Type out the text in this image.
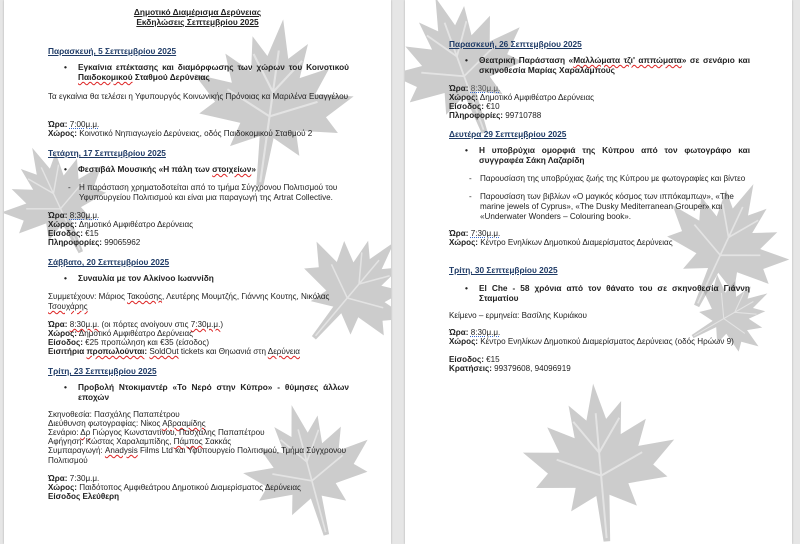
Δημοτικό Διαμέρισμα Δερύνειας
Εκδηλώσεις Σεπτεμβρίου 2025
Παρασκευή, 5 Σεπτεμβρίου 2025
• Εγκαίνια επέκτασης και διαμόρφωσης των χώρων του Κοινοτικού Παιδοκομικού Σταθμού Δερύνειας
Τα εγκαίνια θα τελέσει η Υφυπουργός Κοινωνικής Πρόνοιας κα Μαριλένα Ευαγγέλου
Ώρα: 7:00μ.μ.
Χώρος: Κοινοτικό Νηπιαγωγείο Δερύνειας, οδός Παιδοκομικού Σταθμού 2
Τετάρτη, 17 Σεπτεμβρίου 2025
• Φεστιβάλ Μουσικής «Η πάλη των στοιχείων»
- Η παράσταση χρηματοδοτείται από το τμήμα Σύγχρονου Πολιτισμού του Υφυπουργείου Πολιτισμού και είναι μια παραγωγή της Artrat Collective.
Ώρα: 8:30μ.μ.
Χώρος: Δημοτικό Αμφιθέατρο Δερύνειας
Είσοδος: €15
Πληροφορίες: 99065962
Σάββατο, 20 Σεπτεμβρίου 2025
• Συναυλία με τον Αλκίνοο Ιωαννίδη
Συμμετέχουν: Μάριος Τακούσης, Λευτέρης Μουμτζής, Γιάννης Κουτης, Νικόλας Τσουχάρης
Ώρα: 8:30μ.μ. (οι πόρτες ανοίγουν στις 7:30μ.μ.)
Χώρος: Δημοτικό Αμφιθέατρο Δερύνειας
Είσοδος: €25 προπώληση και €35 (είσοδος)
Εισιτήρια προπωλούνται: SoldOut tickets και Θηωανιά στη Δερύνεια
Τρίτη, 23 Σεπτεμβρίου 2025
• Προβολή Ντοκιμαντέρ «Το Νερό στην Κύπρο» - θύμησες άλλων εποχών
Σκηνοθεσία: Πασχάλης Παπαπέτρου
Διεύθυνση φωτογραφίας: Νίκος Αβρααμίδης
Σενάριο: Δρ Γιώργος Κωνσταντίνου, Πασχάλης Παπαπέτρου
Αφήγηση: Κώστας Χαραλαμπίδης, Πάμπος Σακκάς
Συμπαραγωγή: Anadysis Films Ltd και Υφυπουργείο Πολιτισμού, Τμήμα Σύγχρονου Πολιτισμού
Ώρα: 7:30μ.μ.
Χώρος: Παιδότοπος Αμφιθεάτρου Δημοτικού Διαμερίσματος Δερύνειας
Είσοδος Ελεύθερη
Παρασκευή, 26 Σεπτεμβρίου 2025
• Θεατρική Παράσταση «Μαλλώματα τζι' αππώματα» σε σενάριο και σκηνοθεσία Μαρίας Χαραλάμπους
Ώρα: 8:30μ.μ.
Χώρος: Δημοτικό Αμφιθέατρο Δερύνειας
Είσοδος: €10
Πληροφορίες: 99710788
Δευτέρα 29 Σεπτεμβρίου 2025
• Η υποβρύχια ομορφιά της Κύπρου από τον φωτογράφο και συγγραφέα Σάκη Λαζαρίδη
- Παρουσίαση της υποβρύχιας ζωής της Κύπρου με φωτογραφίες και βίντεο
- Παρουσίαση των βιβλίων «Ο μαγικός κόσμος των ιππόκαμπων», «The marine jewels of Cyprus», «The Dusky Mediterranean Grouper» και «Underwater Wonders – Colouring book».
Ώρα: 7:30μ.μ.
Χώρος: Κέντρο Ενηλίκων Δημοτικού Διαμερίσματος Δερύνειας
Τρίτη, 30 Σεπτεμβρίου 2025
• El Che - 58 χρόνια από τον θάνατο του σε σκηνοθεσία Γιάννη Σταματίου
Κείμενο – ερμηνεία: Βασίλης Κυριάκου
Ώρα: 8:30μ.μ.
Χώρος: Κέντρο Ενηλίκων Δημοτικού Διαμερίσματος Δερύνειας (οδός Ηρώων 9)
Είσοδος: €15
Κρατήσεις: 99379608, 94096919
